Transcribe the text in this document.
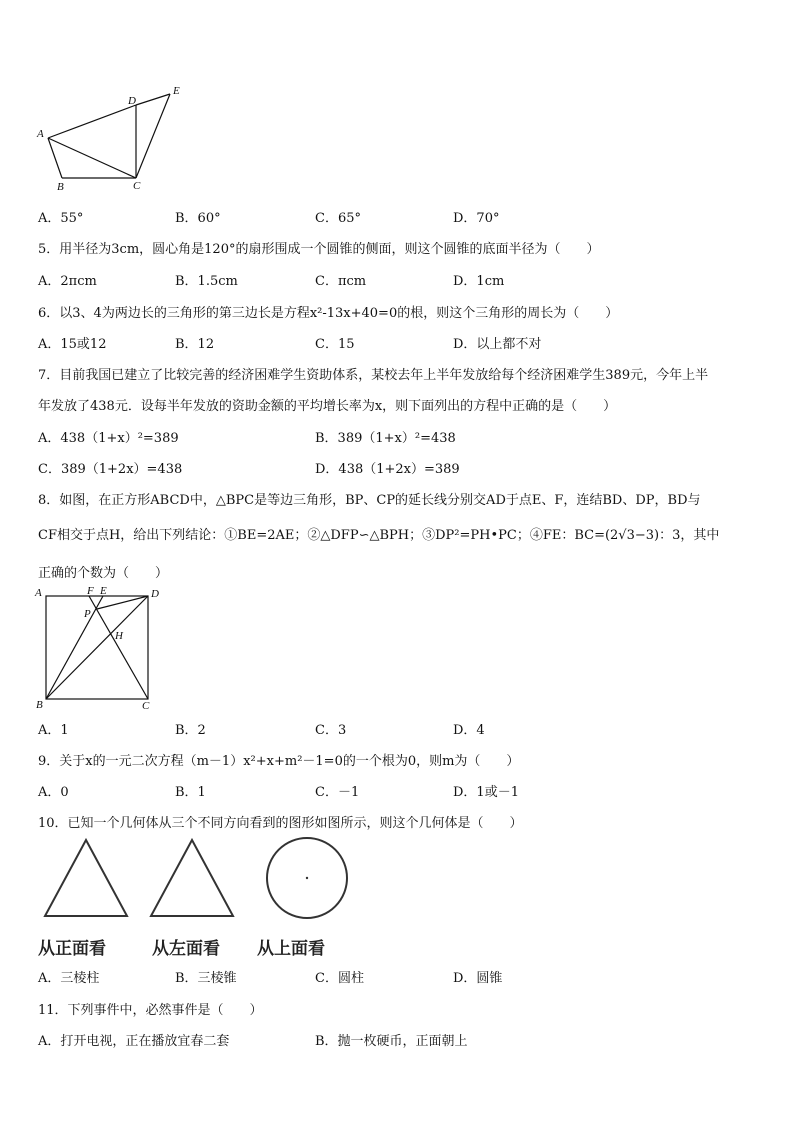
A
B	C
D
E
A．55°	B．60°	C．65°	D．70°
5．用半径为3cm，圆心角是120°的扇形围成一个圆锥的侧面，则这个圆锥的底面半径为（　　）
A．2πcm	B．1.5cm	C．πcm	D．1cm
6．以3、4为两边长的三角形的第三边长是方程x²-13x+40=0的根，则这个三角形的周长为（　　）
A．15或12	B．12	C．15	D．以上都不对
7．目前我国已建立了比较完善的经济困难学生资助体系，某校去年上半年发放给每个经济困难学生389元，今年上半
年发放了438元．设每半年发放的资助金额的平均增长率为x，则下面列出的方程中正确的是（　　）
A．438（1+x）²=389	B．389（1+x）²=438
C．389（1+2x）=438	D．438（1+2x）=389
8．如图，在正方形ABCD中，△BPC是等边三角形，BP、CP的延长线分别交AD于点E、F，连结BD、DP，BD与
CF相交于点H，给出下列结论：①BE=2AE；②△DFP∽△BPH；③DP²=PH•PC；④FE：BC=(2√3−3)：3，其中
正确的个数为（　　）
A	F E	D
P
H
B	C
A．1	B．2	C．3	D．4
9．关于x的一元二次方程（m－1）x²+x+m²－1=0的一个根为0，则m为（　　）
A．0	B．1	C．－1	D．1或－1
10．已知一个几何体从三个不同方向看到的图形如图所示，则这个几何体是（　　）
从正面看	从左面看 从上面看
A．三棱柱	B．三棱锥	C．圆柱	D．圆锥
11．下列事件中，必然事件是（　　）
A．打开电视，正在播放宜春二套	B．抛一枚硬币，正面朝上
